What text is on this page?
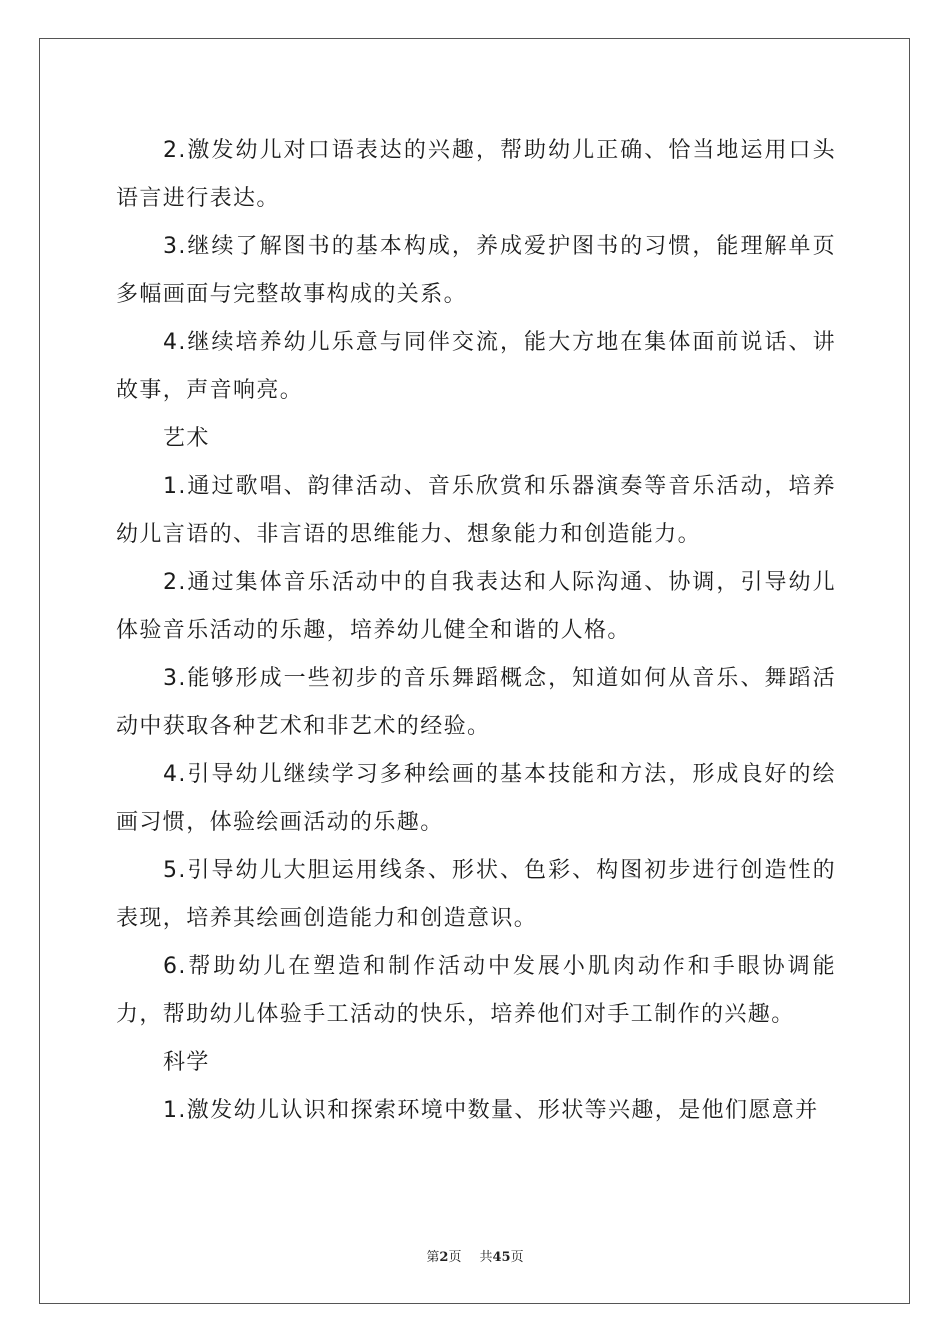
2.激发幼儿对口语表达的兴趣，帮助幼儿正确、恰当地运用口头语言进行表达。

3.继续了解图书的基本构成，养成爱护图书的习惯，能理解单页多幅画面与完整故事构成的关系。

4.继续培养幼儿乐意与同伴交流，能大方地在集体面前说话、讲故事，声音响亮。

艺术

1.通过歌唱、韵律活动、音乐欣赏和乐器演奏等音乐活动，培养幼儿言语的、非言语的思维能力、想象能力和创造能力。

2.通过集体音乐活动中的自我表达和人际沟通、协调，引导幼儿体验音乐活动的乐趣，培养幼儿健全和谐的人格。

3.能够形成一些初步的音乐舞蹈概念，知道如何从音乐、舞蹈活动中获取各种艺术和非艺术的经验。

4.引导幼儿继续学习多种绘画的基本技能和方法，形成良好的绘画习惯，体验绘画活动的乐趣。

5.引导幼儿大胆运用线条、形状、色彩、构图初步进行创造性的表现，培养其绘画创造能力和创造意识。

6.帮助幼儿在塑造和制作活动中发展小肌肉动作和手眼协调能力，帮助幼儿体验手工活动的快乐，培养他们对手工制作的兴趣。

科学

1.激发幼儿认识和探索环境中数量、形状等兴趣，是他们愿意并

第2页 共45页
